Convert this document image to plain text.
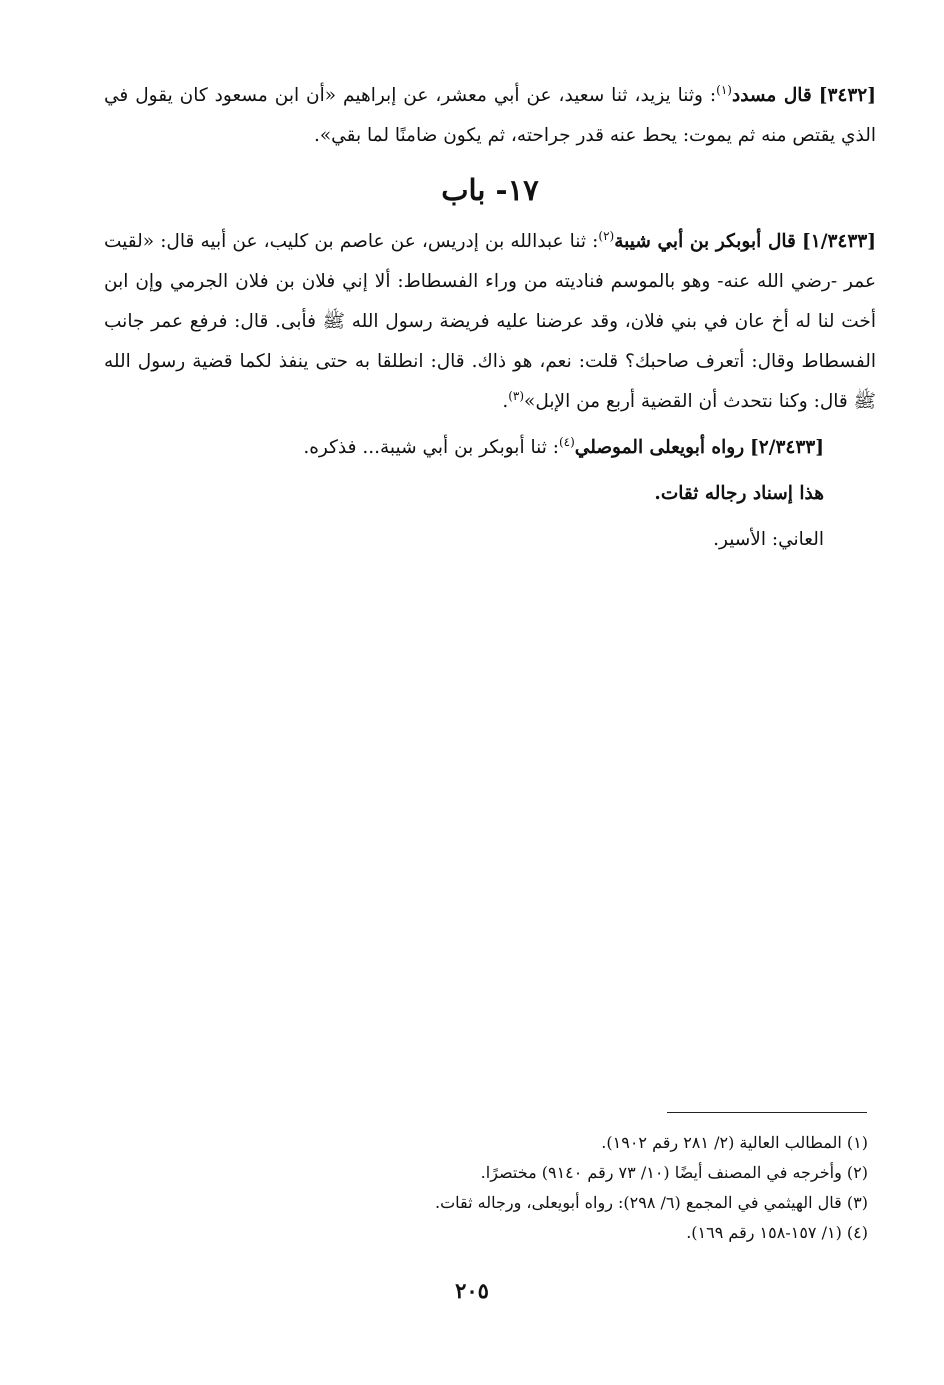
[٣٤٣٢] قال مسدد$^{(١)}$: وثنا يزيد، ثنا سعيد، عن أبي معشر، عن إبراهيم «أن ابن مسعود كان يقول في الذي يقتص منه ثم يموت: يحط عنه قدر جراحته، ثم يكون ضامنًا لما بقي».

١٧- باب

[١/٣٤٣٣] قال أبوبكر بن أبي شيبة$^{(٢)}$: ثنا عبدالله بن إدريس، عن عاصم بن كليب، عن أبيه قال: «لقيت عمر -رضي الله عنه- وهو بالموسم فناديته من وراء الفسطاط: ألا إني فلان بن فلان الجرمي وإن ابن أخت لنا له أخ عان في بني فلان، وقد عرضنا عليه فريضة رسول الله ﷺ فأبى. قال: فرفع عمر جانب الفسطاط وقال: أتعرف صاحبك؟ قلت: نعم، هو ذاك. قال: انطلقا به حتى ينفذ لكما قضية رسول الله ﷺ قال: وكنا نتحدث أن القضية أربع من الإبل»$^{(٣)}$.

[٢/٣٤٣٣] رواه أبويعلى الموصلي$^{(٤)}$: ثنا أبوبكر بن أبي شيبة... فذكره.

هذا إسناد رجاله ثقات.

العاني: الأسير.

(١) المطالب العالية (٢/ ٢٨١ رقم ١٩٠٢).

(٢) وأخرجه في المصنف أيضًا (١٠/ ٧٣ رقم ٩١٤٠) مختصرًا.

(٣) قال الهيثمي في المجمع (٦/ ٢٩٨): رواه أبويعلى، ورجاله ثقات.

(٤) (١/ ١٥٧-١٥٨ رقم ١٦٩).

٢٠٥
